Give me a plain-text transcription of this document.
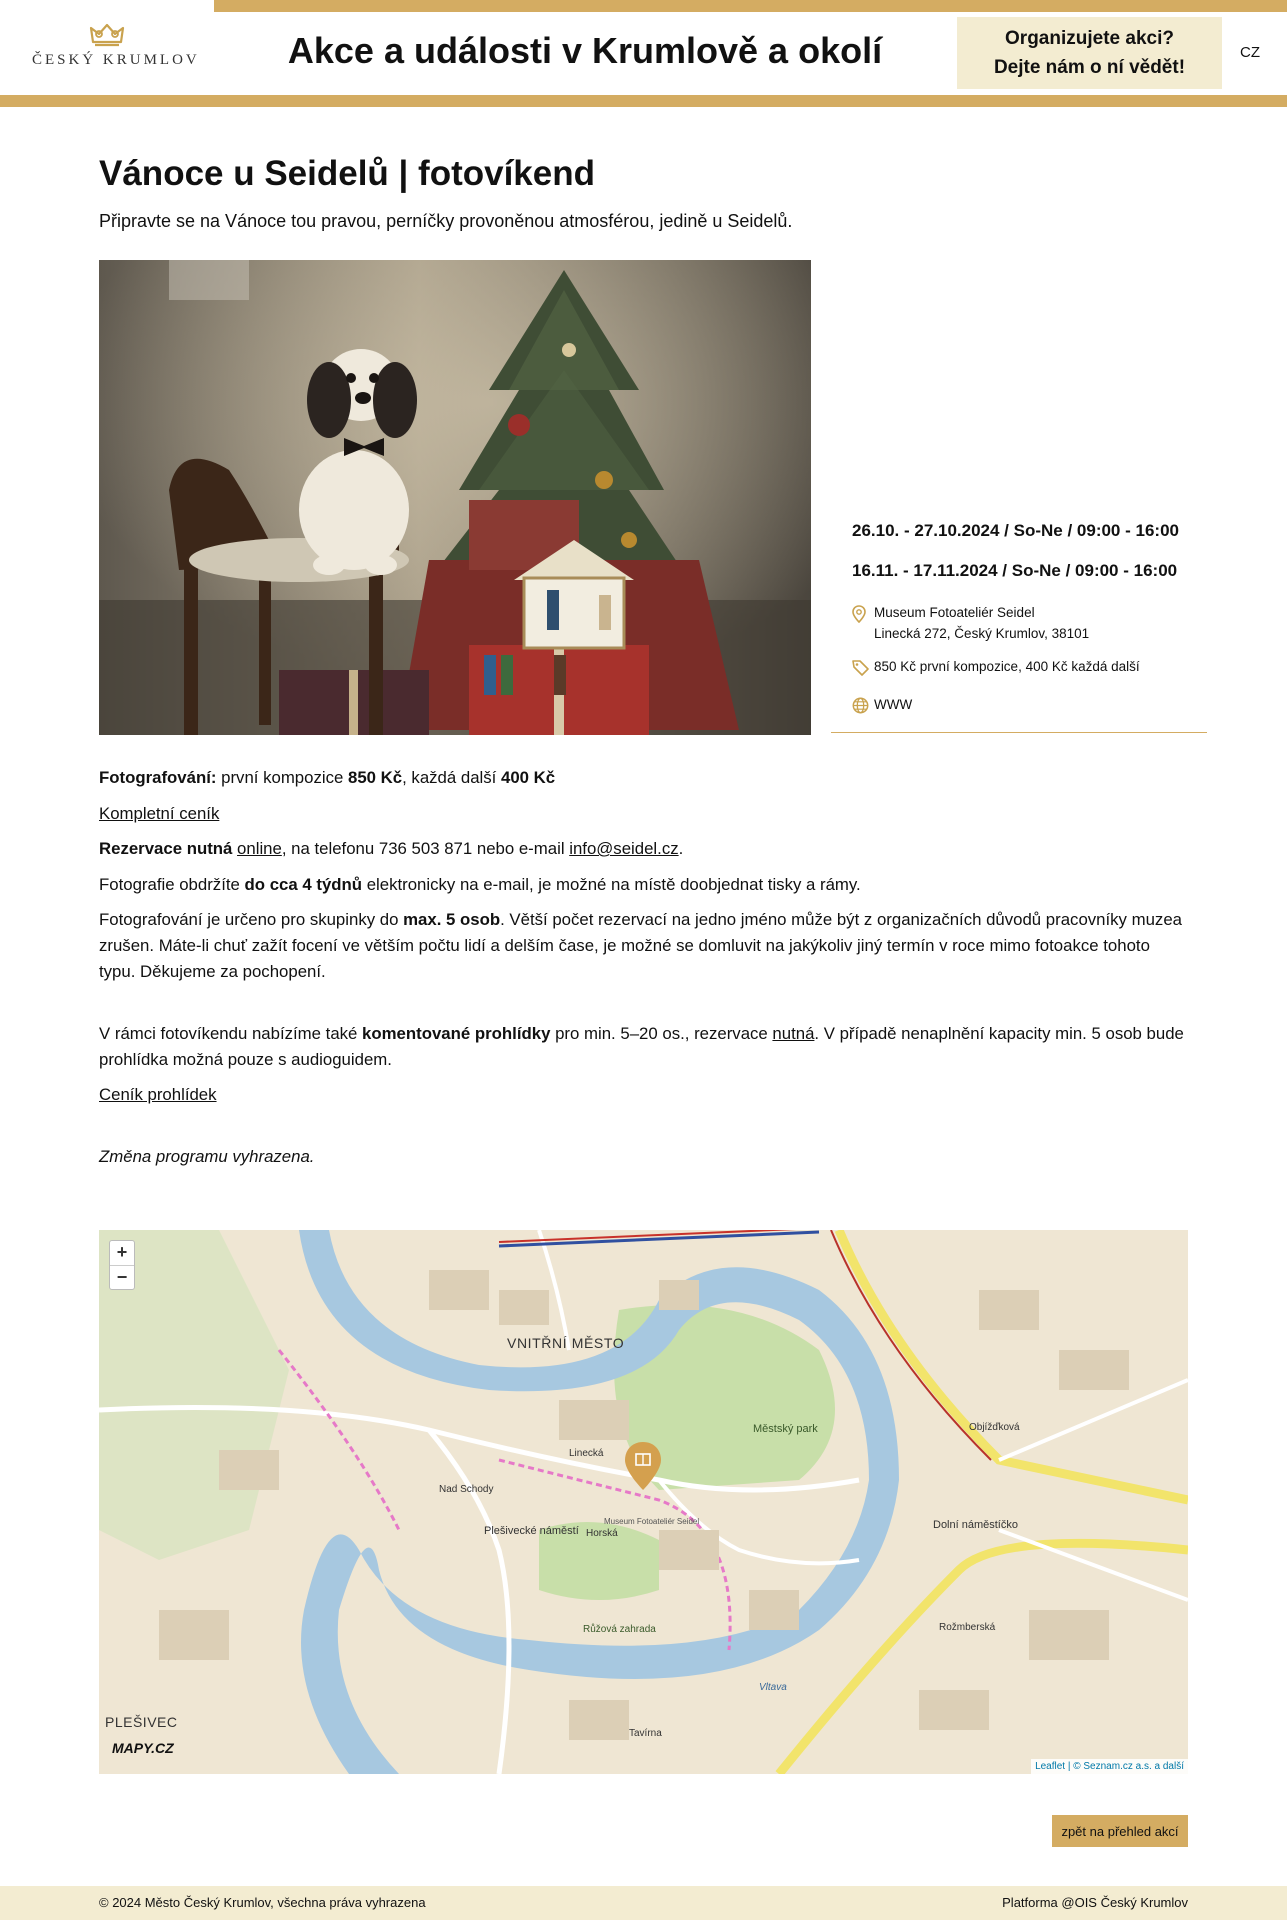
ČESKÝ KRUMLOV	Akce a události v Krumlově a okolí	Organizujete akci?
Dejte nám o ní vědět!
CZ
Vánoce u Seidelů | fotovíkend
Připravte se na Vánoce tou pravou, perníčky provoněnou atmosférou, jedině u Seidelů.
26.10. - 27.10.2024 / So-Ne / 09:00 - 16:00
16.11. - 17.11.2024 / So-Ne / 09:00 - 16:00
Museum Fotoateliér Seidel
Linecká 272, Český Krumlov, 38101
850 Kč první kompozice, 400 Kč každá další
WWW

Fotografování: první kompozice 850 Kč, každá další 400 Kč

Kompletní ceník

Rezervace nutná online, na telefonu 736 503 871 nebo e-mail info@seidel.cz.

Fotografie obdržíte do cca 4 týdnů elektronicky na e-mail, je možné na místě doobjednat tisky a rámy.

Fotografování je určeno pro skupinky do max. 5 osob. Větší počet rezervací na jedno jméno může být z organizačních důvodů pracovníky muzea zrušen. Máte-li chuť zažít focení ve větším počtu lidí a delším čase, je možné se domluvit na jakýkoliv jiný termín v roce mimo fotoakce tohoto typu. Děkujeme za pochopení.

V rámci fotovíkendu nabízíme také komentované prohlídky pro min. 5–20 os., rezervace nutná. V případě nenaplnění kapacity min. 5 osob bude prohlídka možná pouze s audioguidem.

Ceník prohlídek

Změna programu vyhrazena.

VNITŘNÍ MĚSTO
Městský park
Museum Fotoateliér Seidel
Plešivecké náměstí	Dolní náměstíčko
Linecká
Horská
Rožmberská
Objížďková
Vltava
Růžová zahrada
Nad Schody
Tavírna
+
−
PLEŠIVEC
MAPY.CZ
Leaflet | © Seznam.cz a.s. a další
zpět na přehled akcí
© 2024 Město Český Krumlov, všechna práva vyhrazena	Platforma @OIS Český Krumlov
